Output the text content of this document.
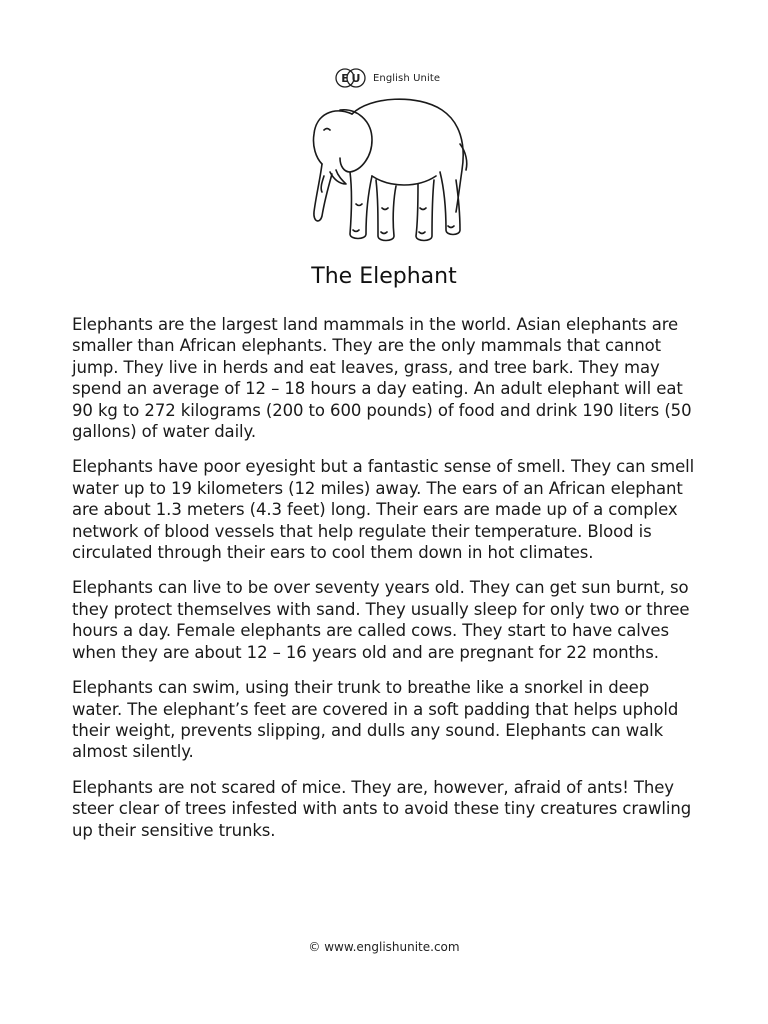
E U English Unite
The Elephant

Elephants are the largest land mammals in the world. Asian elephants are smaller than African elephants. They are the only mammals that cannot jump. They live in herds and eat leaves, grass, and tree bark. They may spend an average of 12 – 18 hours a day eating. An adult elephant will eat 90 kg to 272 kilograms (200 to 600 pounds) of food and drink 190 liters (50 gallons) of water daily.

Elephants have poor eyesight but a fantastic sense of smell. They can smell water up to 19 kilometers (12 miles) away. The ears of an African elephant are about 1.3 meters (4.3 feet) long. Their ears are made up of a complex network of blood vessels that help regulate their temperature. Blood is circulated through their ears to cool them down in hot climates.

Elephants can live to be over seventy years old. They can get sun burnt, so they protect themselves with sand. They usually sleep for only two or three hours a day. Female elephants are called cows. They start to have calves when they are about 12 – 16 years old and are pregnant for 22 months.

Elephants can swim, using their trunk to breathe like a snorkel in deep water. The elephant’s feet are covered in a soft padding that helps uphold their weight, prevents slipping, and dulls any sound. Elephants can walk almost silently.

Elephants are not scared of mice. They are, however, afraid of ants! They steer clear of trees infested with ants to avoid these tiny creatures crawling up their sensitive trunks.

© www.englishunite.com
